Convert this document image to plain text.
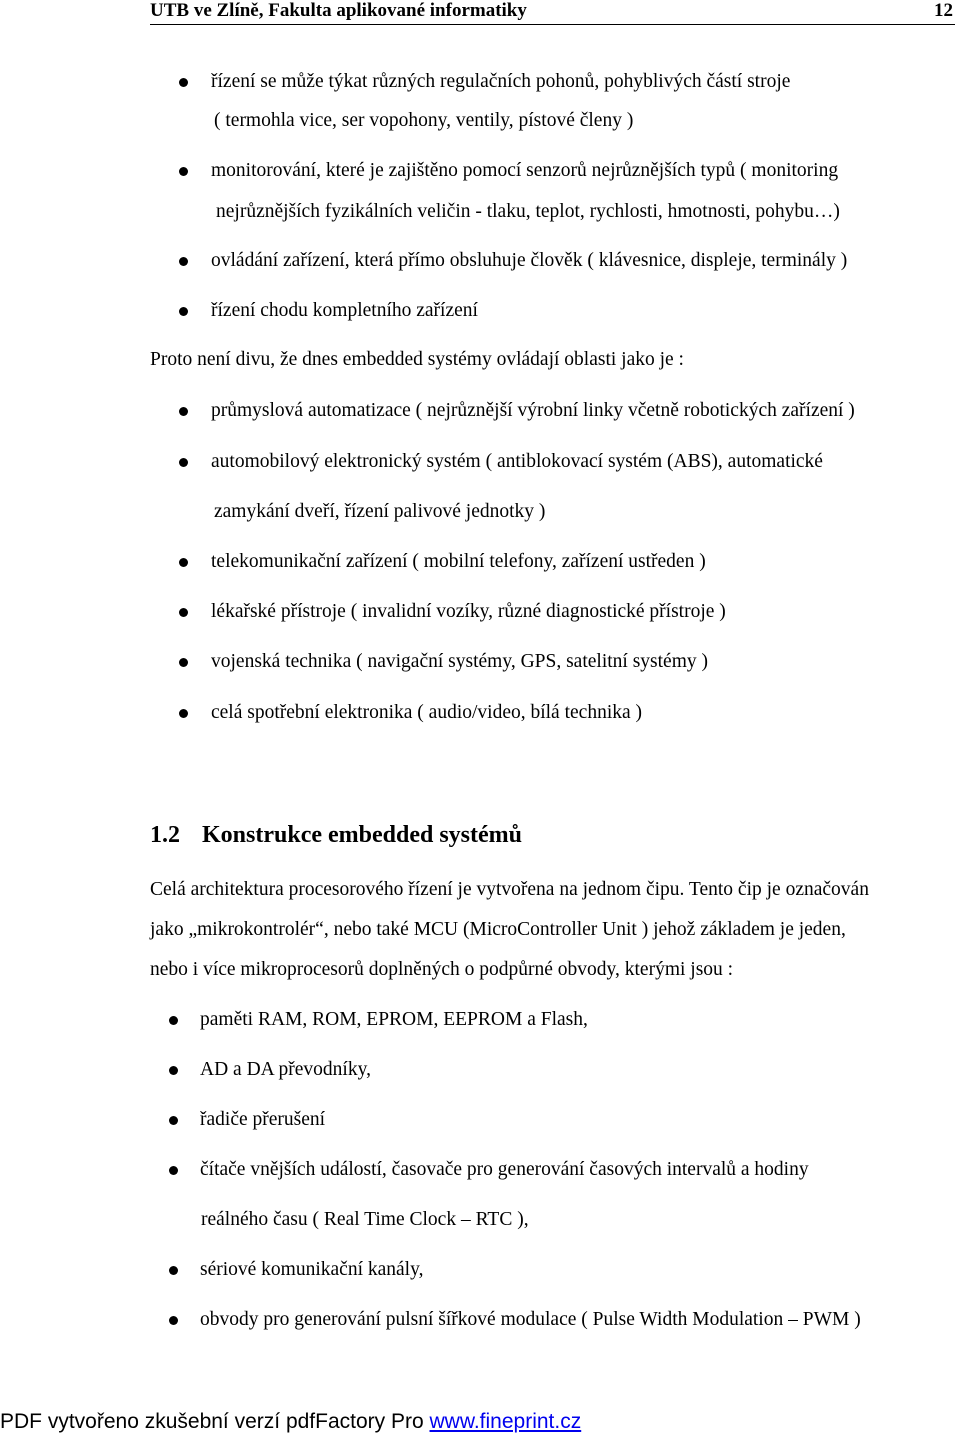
UTB ve Zlíně, Fakulta aplikované informatiky	12
řízení se může týkat různých regulačních pohonů, pohyblivých částí stroje
( termohla vice, ser vopohony, ventily, pístové členy )
monitorování, které je zajištěno pomocí senzorů nejrůznějších typů ( monitoring
nejrůznějších fyzikálních veličin - tlaku, teplot, rychlosti, hmotnosti, pohybu…)
ovládání zařízení, která přímo obsluhuje člověk ( klávesnice, displeje, terminály )
řízení chodu kompletního zařízení
Proto není divu, že dnes embedded systémy ovládají oblasti jako je :
průmyslová automatizace ( nejrůznější výrobní linky včetně robotických zařízení )
automobilový elektronický systém ( antiblokovací systém (ABS), automatické
zamykání dveří, řízení palivové jednotky )
telekomunikační zařízení ( mobilní telefony, zařízení ustředen )
lékařské přístroje ( invalidní vozíky, různé diagnostické přístroje )
vojenská technika ( navigační systémy, GPS, satelitní systémy )
celá spotřební elektronika ( audio/video, bílá technika )
1.2 Konstrukce embedded systémů
Celá architektura procesorového řízení je vytvořena na jednom čipu. Tento čip je označován
jako „mikrokontrolér“, nebo také MCU (MicroController Unit ) jehož základem je jeden,
nebo i více mikroprocesorů doplněných o podpůrné obvody, kterými jsou :
paměti RAM, ROM, EPROM, EEPROM a Flash,
AD a DA převodníky,
řadiče přerušení
čítače vnějších událostí, časovače pro generování časových intervalů a hodiny
reálného času ( Real Time Clock – RTC ),
sériové komunikační kanály,
obvody pro generování pulsní šířkové modulace ( Pulse Width Modulation – PWM )
PDF vytvořeno zkušební verzí pdfFactory Pro www.fineprint.cz
